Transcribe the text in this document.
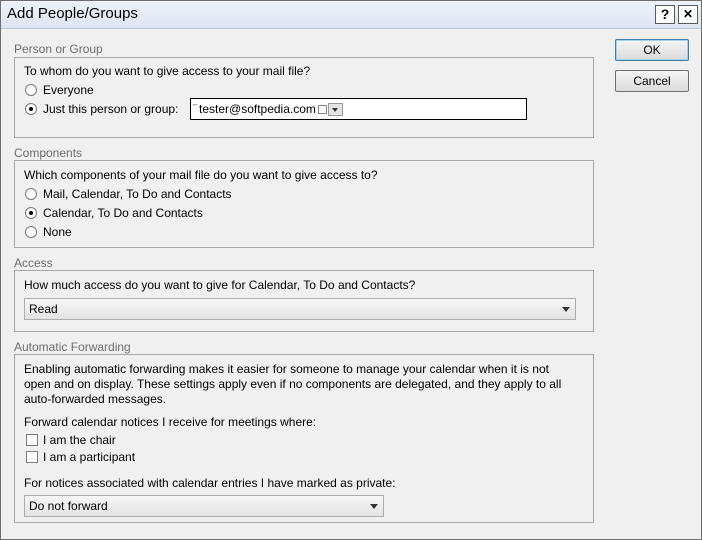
Add People/Groups	?	✕
Person or Group
To whom do you want to give access to your mail file?
Everyone
Just this person or group: ⌐ tester@softpedia.com
Components
Which components of your mail file do you want to give access to?
Mail, Calendar, To Do and Contacts
Calendar, To Do and Contacts
None
Access
How much access do you want to give for Calendar, To Do and Contacts?
Read
Automatic Forwarding
Enabling automatic forwarding makes it easier for someone to manage your calendar when it is not
open and on display. These settings apply even if no components are delegated, and they apply to all
auto-forwarded messages.
Forward calendar notices I receive for meetings where:
I am the chair
I am a participant
For notices associated with calendar entries I have marked as private:
Do not forward
OK
Cancel
